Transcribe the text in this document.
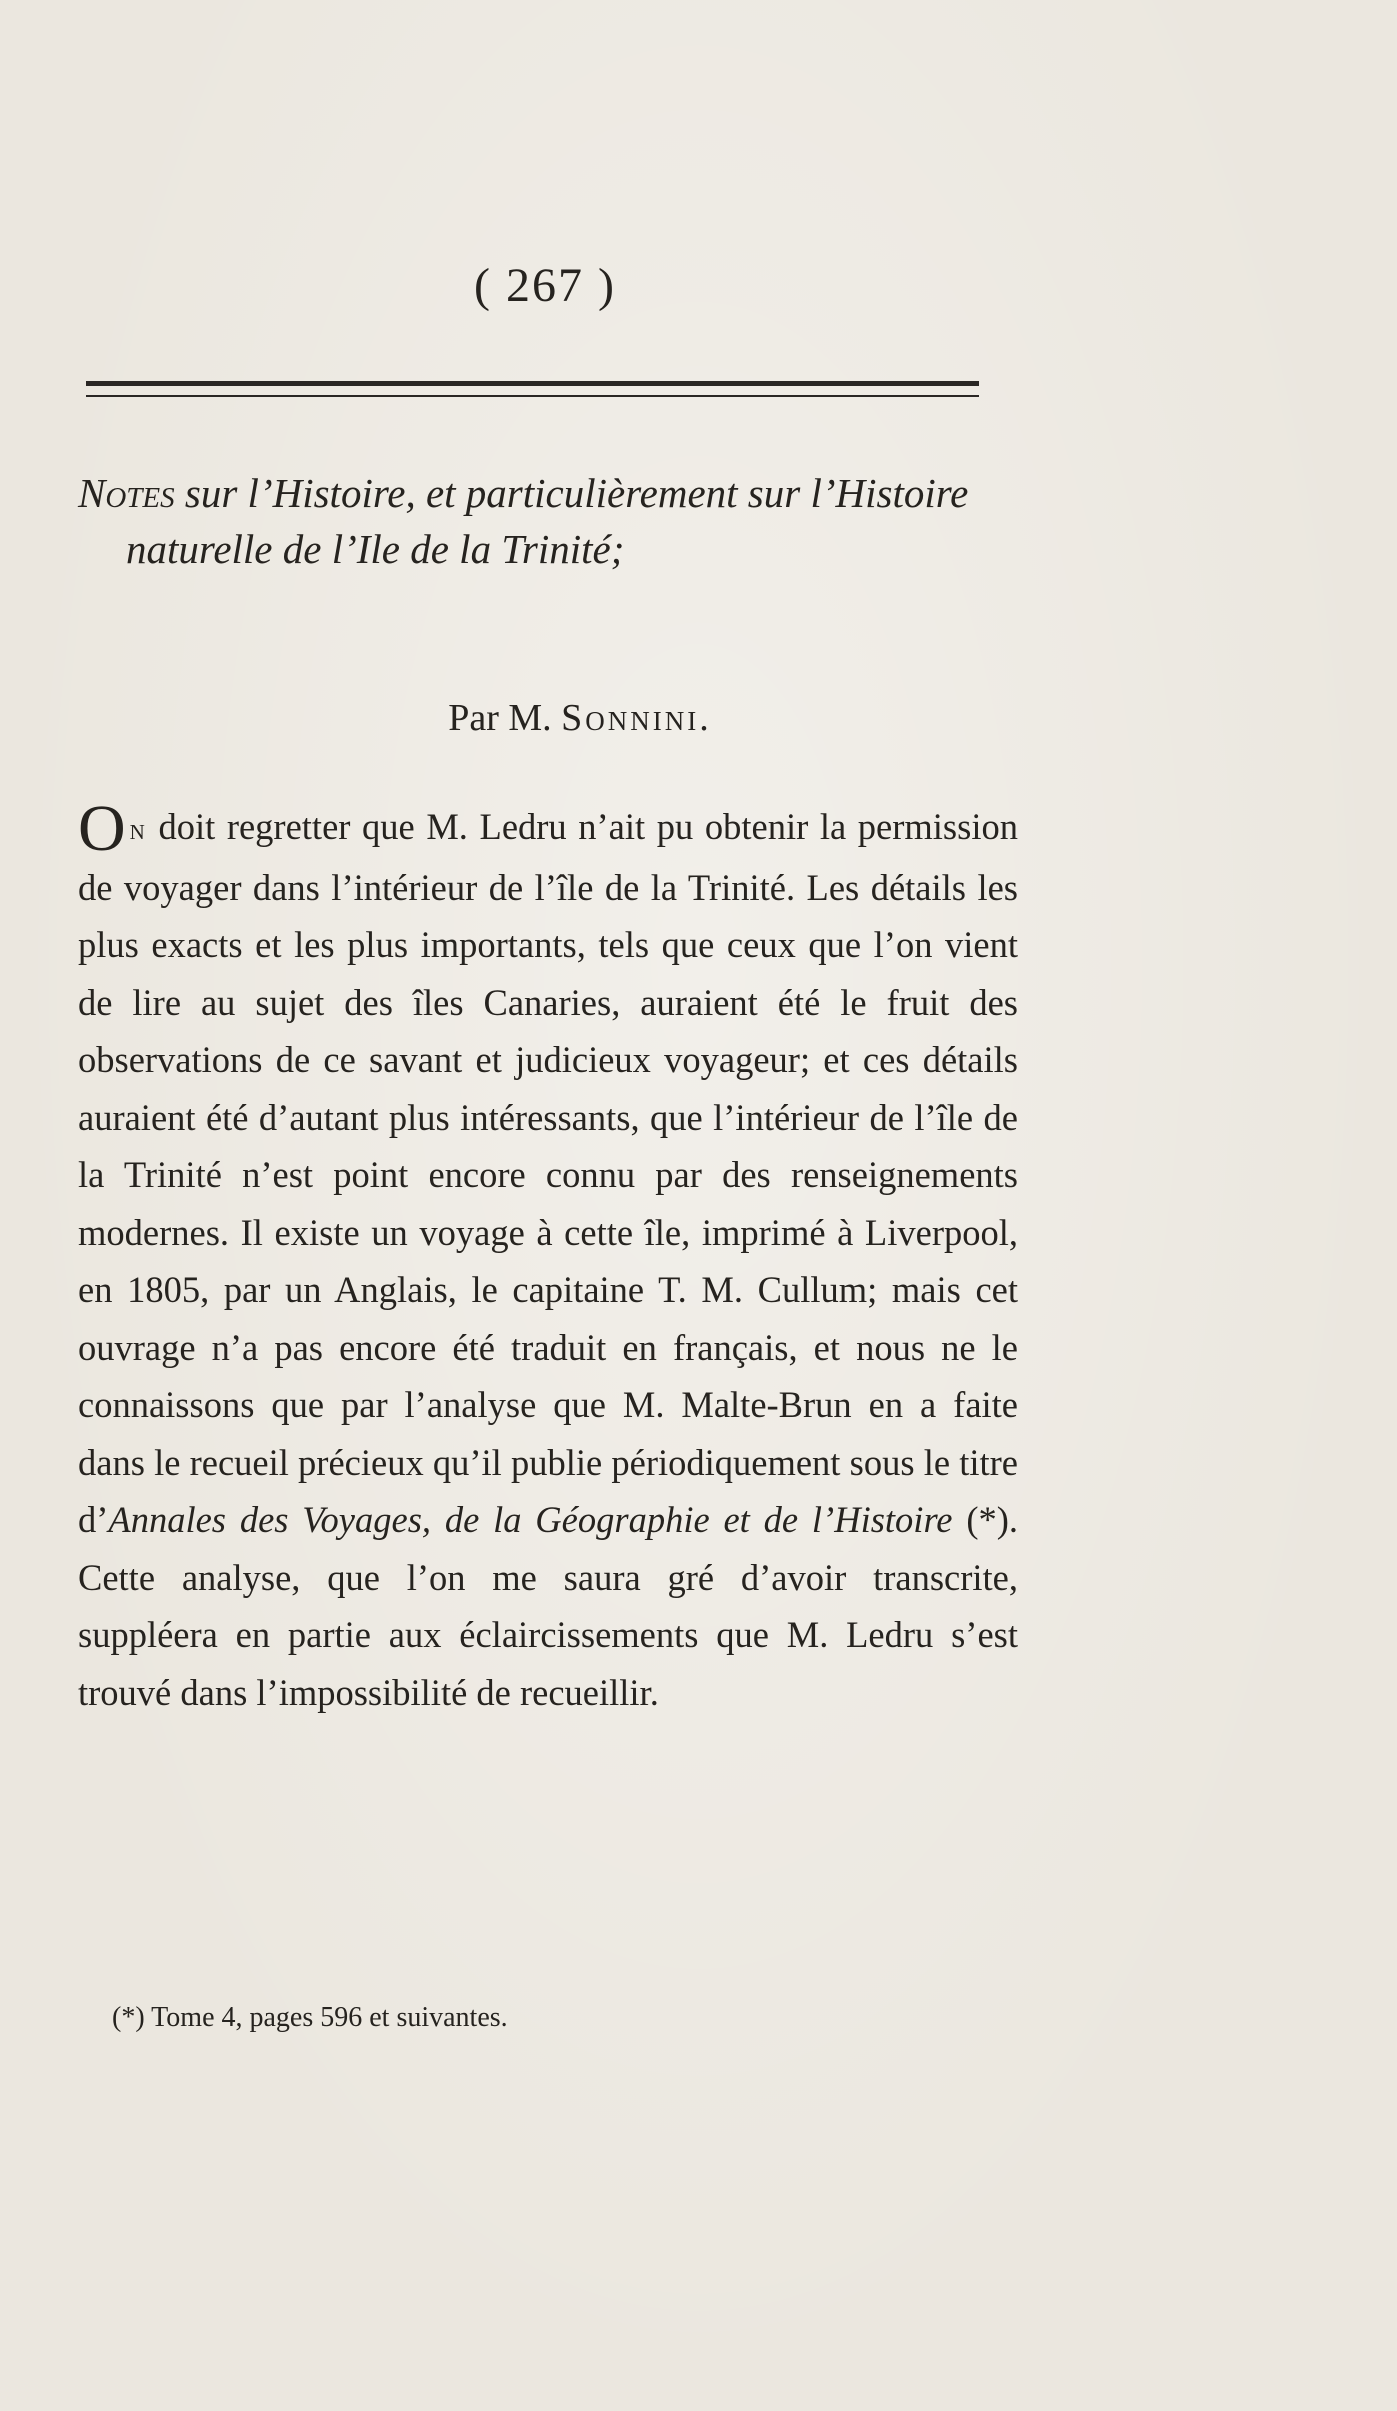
( 267 )
Notes sur l’Histoire, et particulièrement sur l’Histoire naturelle de l’Ile de la Trinité;
Par M. Sonnini.

On doit regretter que M. Ledru n’ait pu obtenir la permission de voyager dans l’intérieur de l’île de la Trinité. Les détails les plus exacts et les plus importants, tels que ceux que l’on vient de lire au sujet des îles Canaries, auraient été le fruit des observations de ce savant et judicieux voyageur; et ces détails auraient été d’autant plus intéressants, que l’intérieur de l’île de la Trinité n’est point encore connu par des renseignements modernes. Il existe un voyage à cette île, imprimé à Liverpool, en 1805, par un Anglais, le capitaine T. M. Cullum; mais cet ouvrage n’a pas encore été traduit en français, et nous ne le connaissons que par l’analyse que M. Malte-Brun en a faite dans le recueil précieux qu’il publie périodiquement sous le titre d’Annales des Voyages, de la Géographie et de l’Histoire (*). Cette analyse, que l’on me saura gré d’avoir transcrite, suppléera en partie aux éclaircissements que M. Ledru s’est trouvé dans l’impossibilité de recueillir.

(*) Tome 4, pages 596 et suivantes.
